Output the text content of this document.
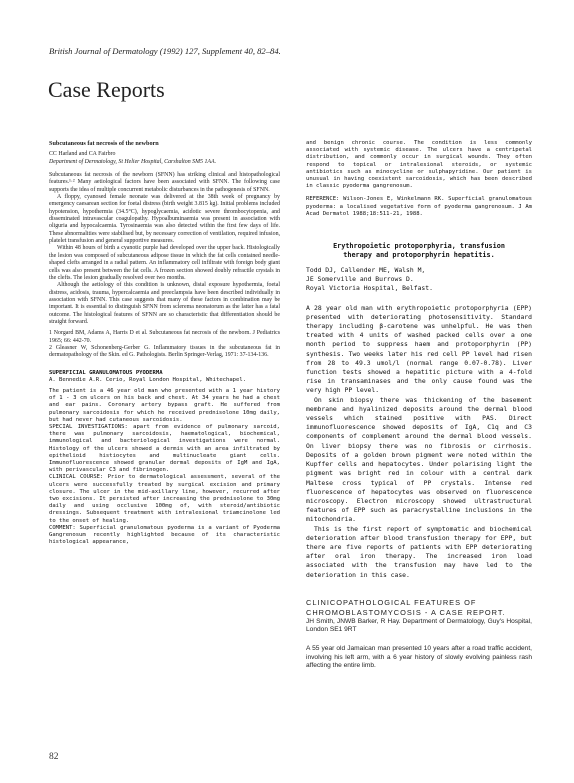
British Journal of Dermatology (1992) 127, Supplement 40, 82–84.
Case Reports

Subcutaneous fat necrosis of the newborn

CC Harland and CA Fairbro

Department of Dermatology, St Helier Hospital, Carshalton SM5 1AA.

Subcutaneous fat necrosis of the newborn (SFNN) has striking clinical and histopathological features.¹·² Many aetiological factors have been associated with SFNN. The following case supports the idea of multiple concurrent metabolic disturbances in the pathogenesis of SFNN.

A floppy, cyanosed female neonate was delivered at the 38th week of pregnancy by emergency caesarean section for foetal distress (birth weight 3.815 kg). Initial problems included hypotension, hypothermia (34.5°C), hypoglycaemia, acidotic severe thrombocytopenia, and disseminated intravascular coagulopathy. Hypoalbuminaemia was present in association with oliguria and hypocalcaemia. Tyrosinaemia was also detected within the first few days of life. These abnormalities were stabilised but, by necessary correction of ventilation, required infusion, platelet transfusion and general supportive measures.

Within 48 hours of birth a cyanotic purple had developed over the upper back. Histologically the lesion was composed of subcutaneous adipose tissue in which the fat cells contained needle-shaped clefts arranged in a radial pattern. An inflammatory cell infiltrate with foreign body giant cells was also present between the fat cells. A frozen section showed doubly refractile crystals in the clefts. The lesion gradually resolved over two months.

Although the aetiology of this condition is unknown, distal exposure hypothermia, foetal distress, acidosis, trauma, hypercalcaemia and preeclampsia have been described individually in association with SFNN. This case suggests that many of these factors in combination may be important. It is essential to distinguish SFNN from sclerema neonatorum as the latter has a fatal outcome. The histological features of SFNN are so characteristic that differentiation should be straight forward.

1 Norgard BM, Adams A, Harris D et al. Subcutaneous fat necrosis of the newborn. J Pediatrics 1965; 66: 442-70.

2 Gleasner W, Schonenberg-Gerber G. Inflammatory tissues in the subcutaneous fat in dermatopathology of the Skin. ed G. Pathologists. Berlin Springer-Verlag, 1971: 37-134-136.

SUPERFICIAL GRANULOMATOUS PYODERMA

A. Bennedie A.R. Cerio, Royal London Hospital, Whitechapel.

The patient is a 46 year old man who presented with a 1 year history of 1 - 3 cm ulcers on his back and chest. At 34 years he had a chest and ear pains. Coronary artery bypass graft. He suffered from pulmonary sarcoidosis for which he received prednisolone 10mg daily, but had never had cutaneous sarcoidosis.

SPECIAL INVESTIGATIONS: apart from evidence of pulmonary sarcoid, there was pulmonary sarcoidosis, haematological, biochemical, immunological and bacteriological investigations were normal. Histology of the ulcers showed a dermis with an area infiltrated by epithelioid histiocytes and multinucleate giant cells. Immunofluorescence showed granular dermal deposits of IgM and IgA, with perivascular C3 and fibrinogen.

CLINICAL COURSE: Prior to dermatological assessment, several of the ulcers were successfully treated by surgical excision and primary closure. The ulcer in the mid-axillary line, however, recurred after two excisions. It persisted after increasing the prednisolone to 30mg daily and using occlusive 100mg of, with steroid/antibiotic dressings. Subsequent treatment with intralesional triamcinolone led to the onset of healing.

COMMENT: Superficial granulomatous pyoderma is a variant of Pyoderma Gangrenosum recently highlighted because of its characteristic histological appearance,

and benign chronic course. The condition is less commonly associated with systemic disease. The ulcers have a centripetal distribution, and commonly occur in surgical wounds. They often respond to topical or intralesional steroids, or systemic antibiotics such as minocycline or sulphapyridine. Our patient is unusual in having coexistent sarcoidosis, which has been described in classic pyoderma gangrenosum.

REFERENCE: Wilson-Jones E, Winkelmann RK. Superficial granulomatous pyoderma: a localised vegetative form of pyoderma gangrenosum. J Am Acad Dermatol 1988;18:511-21, 1988.

Erythropoietic protoporphyria, transfusion

therapy and protoporphyrin hepatitis.

Todd DJ, Callender ME, Walsh M,

JE Somerville and Burrows D.

Royal Victoria Hospital, Belfast.

A 28 year old man with erythropoietic protoporphyria (EPP) presented with deteriorating photosensitivity. Standard therapy including β-carotene was unhelpful. He was then treated with 4 units of washed packed cells over a one month period to suppress haem and protoporphyrin (PP) synthesis. Two weeks later his red cell PP level had risen from 28 to 49.3 umol/l (normal range 0.07-0.78). Liver function tests showed a hepatitic picture with a 4-fold rise in transaminases and the only cause found was the very high PP level.

On skin biopsy there was thickening of the basement membrane and hyalinized deposits around the dermal blood vessels which stained positive with PAS. Direct immunofluorescence showed deposits of IgA, C1q and C3 components of complement around the dermal blood vessels. On liver biopsy there was no fibrosis or cirrhosis. Deposits of a golden brown pigment were noted within the Kupffer cells and hepatocytes. Under polarising light the pigment was bright red in colour with a central dark Maltese cross typical of PP crystals. Intense red fluorescence of hepatocytes was observed on fluorescence microscopy. Electron microscopy showed ultrastructural features of EPP such as paracrystalline inclusions in the mitochondria.

This is the first report of symptomatic and biochemical deterioration after blood transfusion therapy for EPP, but there are five reports of patients with EPP deteriorating after oral iron therapy. The increased iron load associated with the transfusion may have led to the deterioration in this case.

CLINICOPATHOLOGICAL FEATURES OF

CHROMOBLASTOMYCOSIS - A CASE REPORT.

JH Smith, JNWB Barker, R Hay. Department of Dermatology, Guy's Hospital, London SE1 9RT

A 55 year old Jamaican man presented 10 years after a road traffic accident, involving his left arm, with a 6 year history of slowly evolving painless rash affecting the entire limb.

82
